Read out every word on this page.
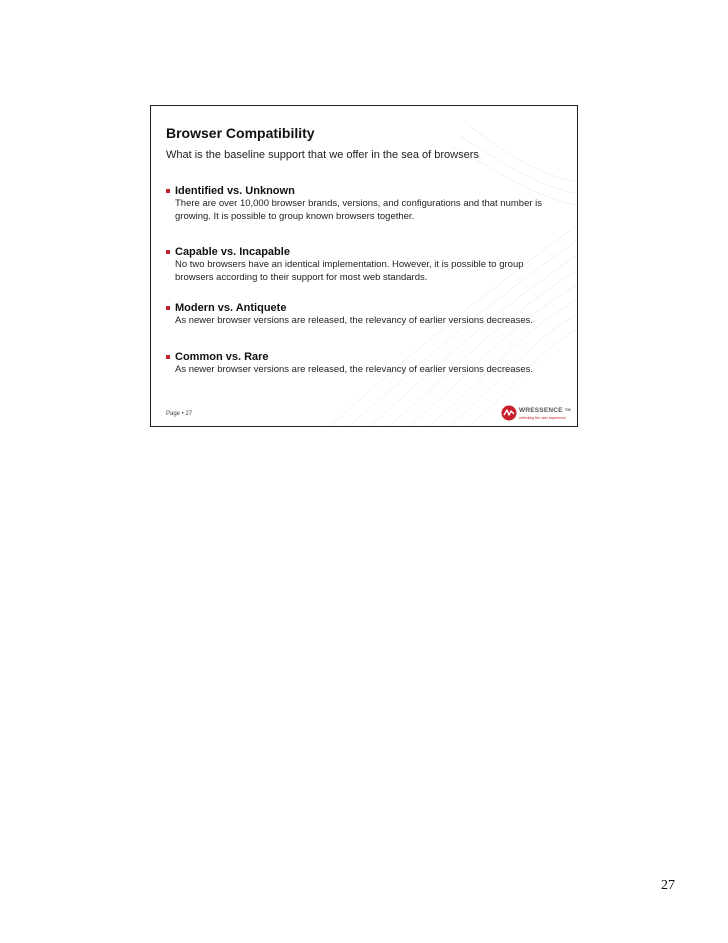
Browser Compatibility
What is the baseline support that we offer in the sea of browsers
Identified vs. Unknown
There are over 10,000 browser brands, versions, and configurations and that number is growing. It is possible to group known browsers together.
Capable vs. Incapable
No two browsers have an identical implementation. However, it is possible to group browsers according to their support for most web standards.
Modern vs. Antiquete
As newer browser versions are released, the relevancy of earlier versions decreases.
Common vs. Rare
As newer browser versions are released, the relevancy of earlier versions decreases.
Page • 27	WRESSENCE ™
rethinking the user experience
27
